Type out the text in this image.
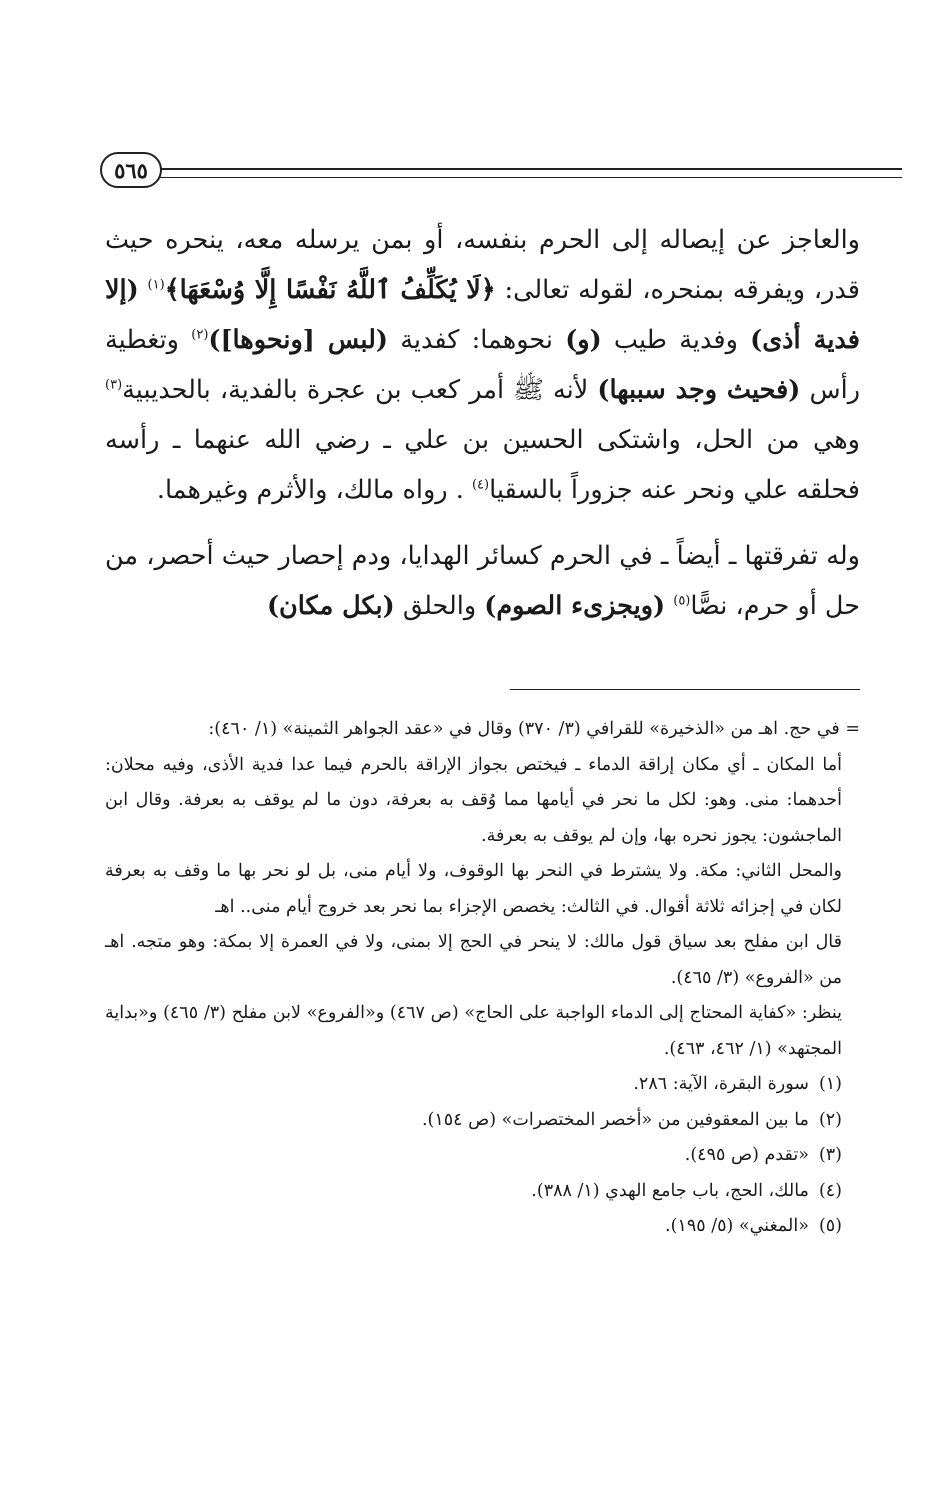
٥٦٥

والعاجز عن إيصاله إلى الحرم بنفسه، أو بمن يرسله معه، ينحره حيث قدر، ويفرقه بمنحره، لقوله تعالى: ﴿لَا يُكَلِّفُ ٱللَّهُ نَفْسًا إِلَّا وُسْعَهَا﴾$^{(١)}$ (إلا فدية أذى) وفدية طيب (و) نحوهما: كفدية (لبس [ونحوها])$^{(٢)}$ وتغطية رأس (فحيث وجد سببها) لأنه ﷺ أمر كعب بن عجرة بالفدية، بالحديبية$^{(٣)}$ وهي من الحل، واشتكى الحسين بن علي ـ رضي الله عنهما ـ رأسه فحلقه علي ونحر عنه جزوراً بالسقيا$^{(٤)}$ . رواه مالك، والأثرم وغيرهما.

وله تفرقتها ـ أيضاً ـ في الحرم كسائر الهدايا، ودم إحصار حيث أحصر، من حل أو حرم، نصًّا$^{(٥)}$ (ويجزىء الصوم) والحلق (بكل مكان)

= في حج. اهـ من «الذخيرة» للقرافي (٣/ ٣٧٠) وقال في «عقد الجواهر الثمينة» (١/ ٤٦٠):

أما المكان ـ أي مكان إراقة الدماء ـ فيختص بجواز الإراقة بالحرم فيما عدا فدية الأذى، وفيه محلان: أحدهما: منى. وهو: لكل ما نحر في أيامها مما وُقف به بعرفة، دون ما لم يوقف به بعرفة. وقال ابن الماجشون: يجوز نحره بها، وإن لم يوقف به بعرفة.

والمحل الثاني: مكة. ولا يشترط في النحر بها الوقوف، ولا أيام منى، بل لو نحر بها ما وقف به بعرفة لكان في إجزائه ثلاثة أقوال. في الثالث: يخصص الإجزاء بما نحر بعد خروج أيام منى.. اهـ

قال ابن مفلح بعد سياق قول مالك: لا ينحر في الحج إلا بمنى، ولا في العمرة إلا بمكة: وهو متجه. اهـ من «الفروع» (٣/ ٤٦٥).

ينظر: «كفاية المحتاج إلى الدماء الواجبة على الحاج» (ص ٤٦٧) و«الفروع» لابن مفلح (٣/ ٤٦٥) و«بداية المجتهد» (١/ ٤٦٢، ٤٦٣).

(١)
سورة البقرة، الآية: ٢٨٦.
(٢)
ما بين المعقوفين من «أخصر المختصرات» (ص ١٥٤).
(٣)
«تقدم (ص ٤٩٥).
(٤)
مالك، الحج، باب جامع الهدي (١/ ٣٨٨).
(٥)
«المغني» (٥/ ١٩٥).
